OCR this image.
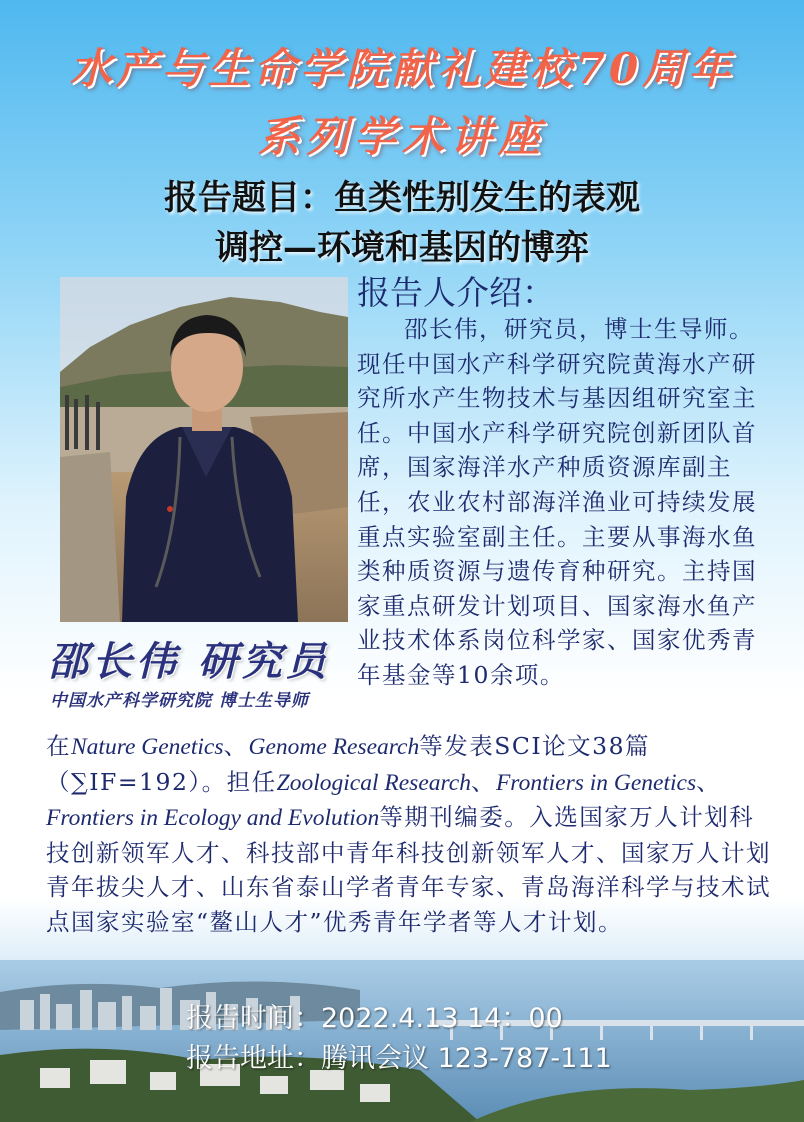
水产与生命学院献礼建校70周年
系列学术讲座
报告题目：鱼类性别发生的表观
调控—环境和基因的博弈
报告人介绍：

邵长伟，研究员，博士生导师。现任中国水产科学研究院黄海水产研究所水产生物技术与基因组研究室主任。中国水产科学研究院创新团队首席，国家海洋水产种质资源库副主任，农业农村部海洋渔业可持续发展重点实验室副主任。主要从事海水鱼类种质资源与遗传育种研究。主持国家重点研发计划项目、国家海水鱼产业技术体系岗位科学家、国家优秀青年基金等10余项。

邵长伟 研究员
中国水产科学研究院 博士生导师

在Nature Genetics、Genome Research等发表SCI论文38篇（∑IF=192）。担任Zoological Research、Frontiers in Genetics、Frontiers in Ecology and Evolution等期刊编委。入选国家万人计划科技创新领军人才、科技部中青年科技创新领军人才、国家万人计划青年拔尖人才、山东省泰山学者青年专家、青岛海洋科学与技术试点国家实验室“鳌山人才”优秀青年学者等人才计划。

报告时间：2022.4.13 14：00
报告地址：腾讯会议 123-787-111
